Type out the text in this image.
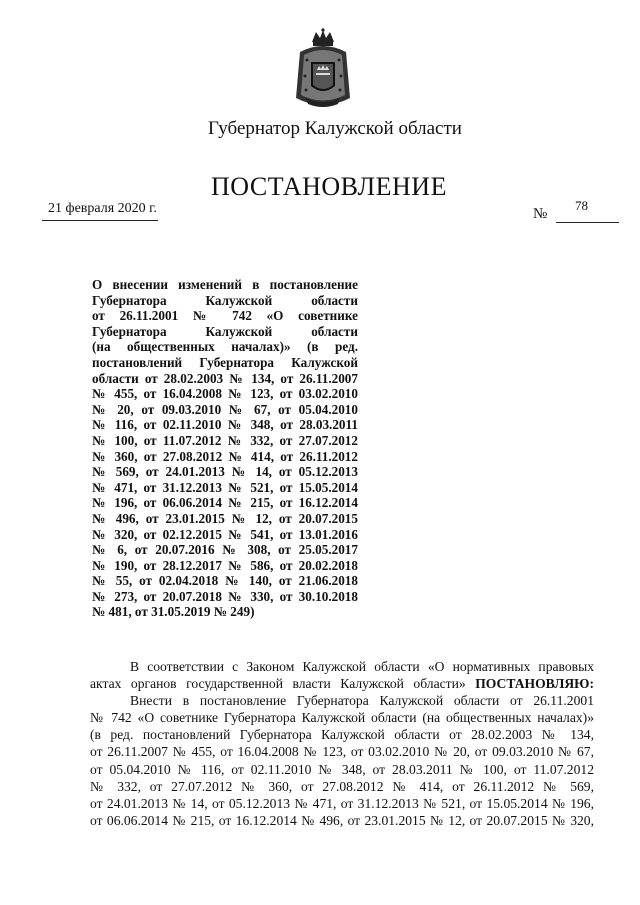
Губернатор Калужской области
ПОСТАНОВЛЕНИЕ
21 февраля 2020 г.	№
78
О внесении изменений в постановление
Губернатора Калужской области
от 26.11.2001 № 742 «О советнике
Губернатора Калужской области
(на общественных началах)» (в ред.
постановлений Губернатора Калужской
области от 28.02.2003 № 134, от 26.11.2007
№ 455, от 16.04.2008 № 123, от 03.02.2010
№ 20, от 09.03.2010 № 67, от 05.04.2010
№ 116, от 02.11.2010 № 348, от 28.03.2011
№ 100, от 11.07.2012 № 332, от 27.07.2012
№ 360, от 27.08.2012 № 414, от 26.11.2012
№ 569, от 24.01.2013 № 14, от 05.12.2013
№ 471, от 31.12.2013 № 521, от 15.05.2014
№ 196, от 06.06.2014 № 215, от 16.12.2014
№ 496, от 23.01.2015 № 12, от 20.07.2015
№ 320, от 02.12.2015 № 541, от 13.01.2016
№ 6, от 20.07.2016 № 308, от 25.05.2017
№ 190, от 28.12.2017 № 586, от 20.02.2018
№ 55, от 02.04.2018 № 140, от 21.06.2018
№ 273, от 20.07.2018 № 330, от 30.10.2018
№ 481, от 31.05.2019 № 249)
В соответствии с Законом Калужской области «О нормативных правовых
актах органов государственной власти Калужской области» ПОСТАНОВЛЯЮ:
Внести в постановление Губернатора Калужской области от 26.11.2001
№ 742 «О советнике Губернатора Калужской области (на общественных началах)»
(в ред. постановлений Губернатора Калужской области от 28.02.2003 № 134,
от 26.11.2007 № 455, от 16.04.2008 № 123, от 03.02.2010 № 20, от 09.03.2010 № 67,
от 05.04.2010 № 116, от 02.11.2010 № 348, от 28.03.2011 № 100, от 11.07.2012
№ 332, от 27.07.2012 № 360, от 27.08.2012 № 414, от 26.11.2012 № 569,
от 24.01.2013 № 14, от 05.12.2013 № 471, от 31.12.2013 № 521, от 15.05.2014 № 196,
от 06.06.2014 № 215, от 16.12.2014 № 496, от 23.01.2015 № 12, от 20.07.2015 № 320,
